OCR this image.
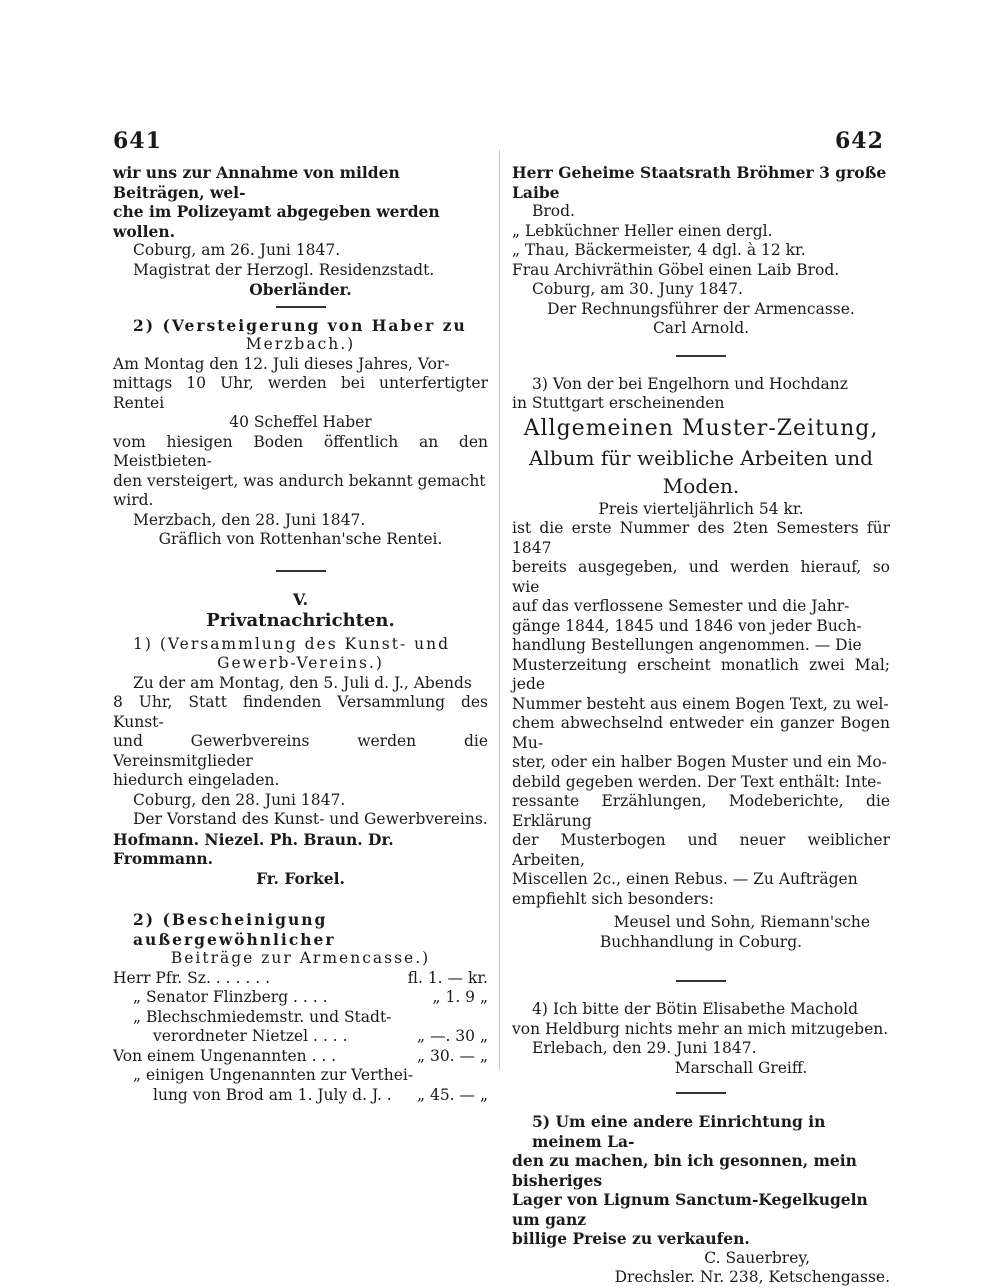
641	642
wir uns zur Annahme von milden Beiträgen, wel-
che im Polizeyamt abgegeben werden wollen.
Coburg, am 26. Juni 1847.
Magistrat der Herzogl. Residenzstadt.
Oberländer.
2) (Versteigerung von Haber zu
Merzbach.)
Am Montag den 12. Juli dieses Jahres, Vor-
mittags 10 Uhr, werden bei unterfertigter Rentei
40 Scheffel Haber
vom hiesigen Boden öffentlich an den Meistbieten-
den versteigert, was andurch bekannt gemacht
wird.
Merzbach, den 28. Juni 1847.
Gräflich von Rottenhan'sche Rentei.
V.
Privatnachrichten.
1) (Versammlung des Kunst- und
Gewerb-Vereins.)
Zu der am Montag, den 5. Juli d. J., Abends
8 Uhr, Statt findenden Versammlung des Kunst-
und Gewerbvereins werden die Vereinsmitglieder
hiedurch eingeladen.
Coburg, den 28. Juni 1847.
Der Vorstand des Kunst- und Gewerbvereins.
Hofmann. Niezel. Ph. Braun. Dr. Frommann.
Fr. Forkel.
2) (Bescheinigung außergewöhnlicher
Beiträge zur Armencasse.)
Herr Pfr. Sz. . . . . . .	fl. 1. — kr.
„ Senator Flinzberg . . . .	„ 1. 9 „
„ Blechschmiedemstr. und Stadt-
verordneter Nietzel . . . .	„ —. 30 „
Von einem Ungenannten . . .	„ 30. — „
„ einigen Ungenannten zur Verthei-
lung von Brod am 1. July d. J. .	„ 45. — „
Herr Geheime Staatsrath Bröhmer 3 große Laibe
Brod.
„ Lebküchner Heller einen dergl.
„ Thau, Bäckermeister, 4 dgl. à 12 kr.
Frau Archivräthin Göbel einen Laib Brod.
Coburg, am 30. Juny 1847.
Der Rechnungsführer der Armencasse.
Carl Arnold.
3) Von der bei Engelhorn und Hochdanz
in Stuttgart erscheinenden
Allgemeinen Muster-Zeitung,
Album für weibliche Arbeiten und Moden.
Preis vierteljährlich 54 kr.
ist die erste Nummer des 2ten Semesters für 1847
bereits ausgegeben, und werden hierauf, so wie
auf das verflossene Semester und die Jahr-
gänge 1844, 1845 und 1846 von jeder Buch-
handlung Bestellungen angenommen. — Die
Musterzeitung erscheint monatlich zwei Mal; jede
Nummer besteht aus einem Bogen Text, zu wel-
chem abwechselnd entweder ein ganzer Bogen Mu-
ster, oder ein halber Bogen Muster und ein Mo-
debild gegeben werden. Der Text enthält: Inte-
ressante Erzählungen, Modeberichte, die Erklärung
der Musterbogen und neuer weiblicher Arbeiten,
Miscellen 2c., einen Rebus. — Zu Aufträgen
empfiehlt sich besonders:
Meusel und Sohn, Riemann'sche
Buchhandlung in Coburg.
4) Ich bitte der Bötin Elisabethe Machold
von Heldburg nichts mehr an mich mitzugeben.
Erlebach, den 29. Juni 1847.
Marschall Greiff.
5) Um eine andere Einrichtung in meinem La-
den zu machen, bin ich gesonnen, mein bisheriges
Lager von Lignum Sanctum-Kegelkugeln um ganz
billige Preise zu verkaufen.
C. Sauerbrey,
Drechsler. Nr. 238, Ketschengasse.
